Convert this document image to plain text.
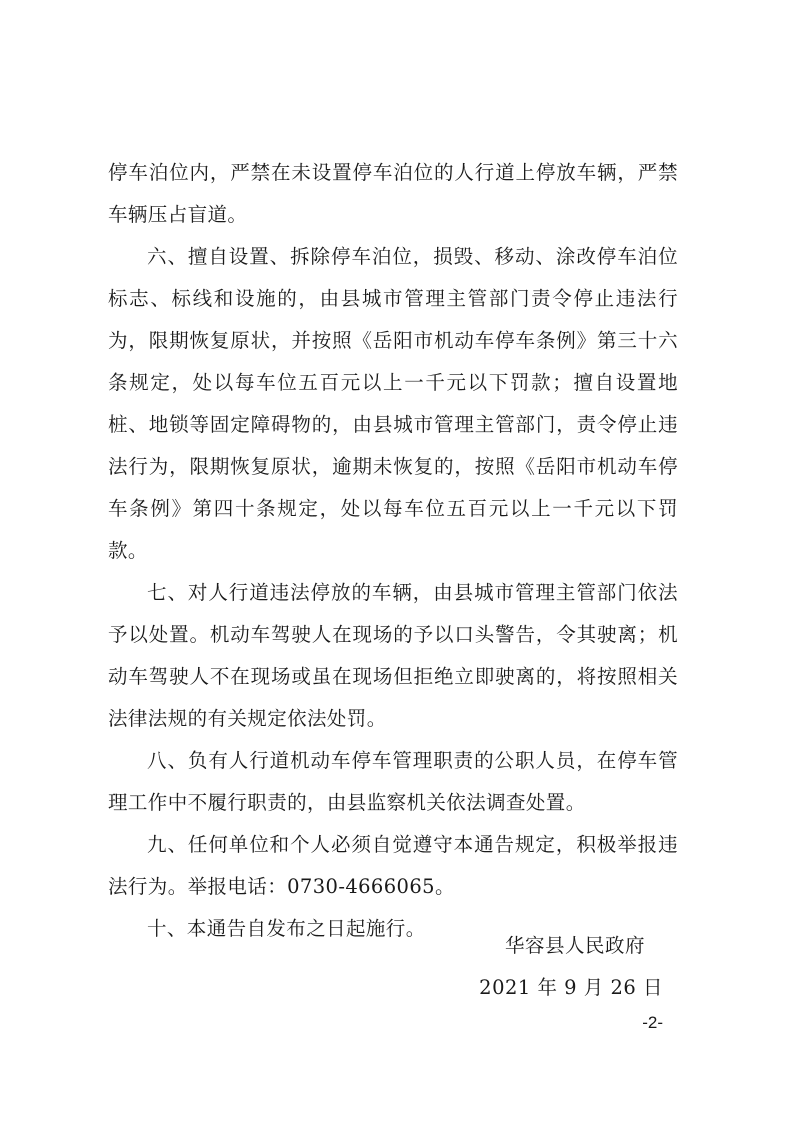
停车泊位内，严禁在未设置停车泊位的人行道上停放车辆，严禁车辆压占盲道。

六、擅自设置、拆除停车泊位，损毁、移动、涂改停车泊位标志、标线和设施的，由县城市管理主管部门责令停止违法行为，限期恢复原状，并按照《岳阳市机动车停车条例》第三十六条规定，处以每车位五百元以上一千元以下罚款；擅自设置地桩、地锁等固定障碍物的，由县城市管理主管部门，责令停止违法行为，限期恢复原状，逾期未恢复的，按照《岳阳市机动车停车条例》第四十条规定，处以每车位五百元以上一千元以下罚款。

七、对人行道违法停放的车辆，由县城市管理主管部门依法予以处置。机动车驾驶人在现场的予以口头警告，令其驶离；机动车驾驶人不在现场或虽在现场但拒绝立即驶离的，将按照相关法律法规的有关规定依法处罚。

八、负有人行道机动车停车管理职责的公职人员，在停车管理工作中不履行职责的，由县监察机关依法调查处置。

九、任何单位和个人必须自觉遵守本通告规定，积极举报违法行为。举报电话：0730-4666065。

十、本通告自发布之日起施行。

华容县人民政府
2021 年 9 月 26 日
-2-
